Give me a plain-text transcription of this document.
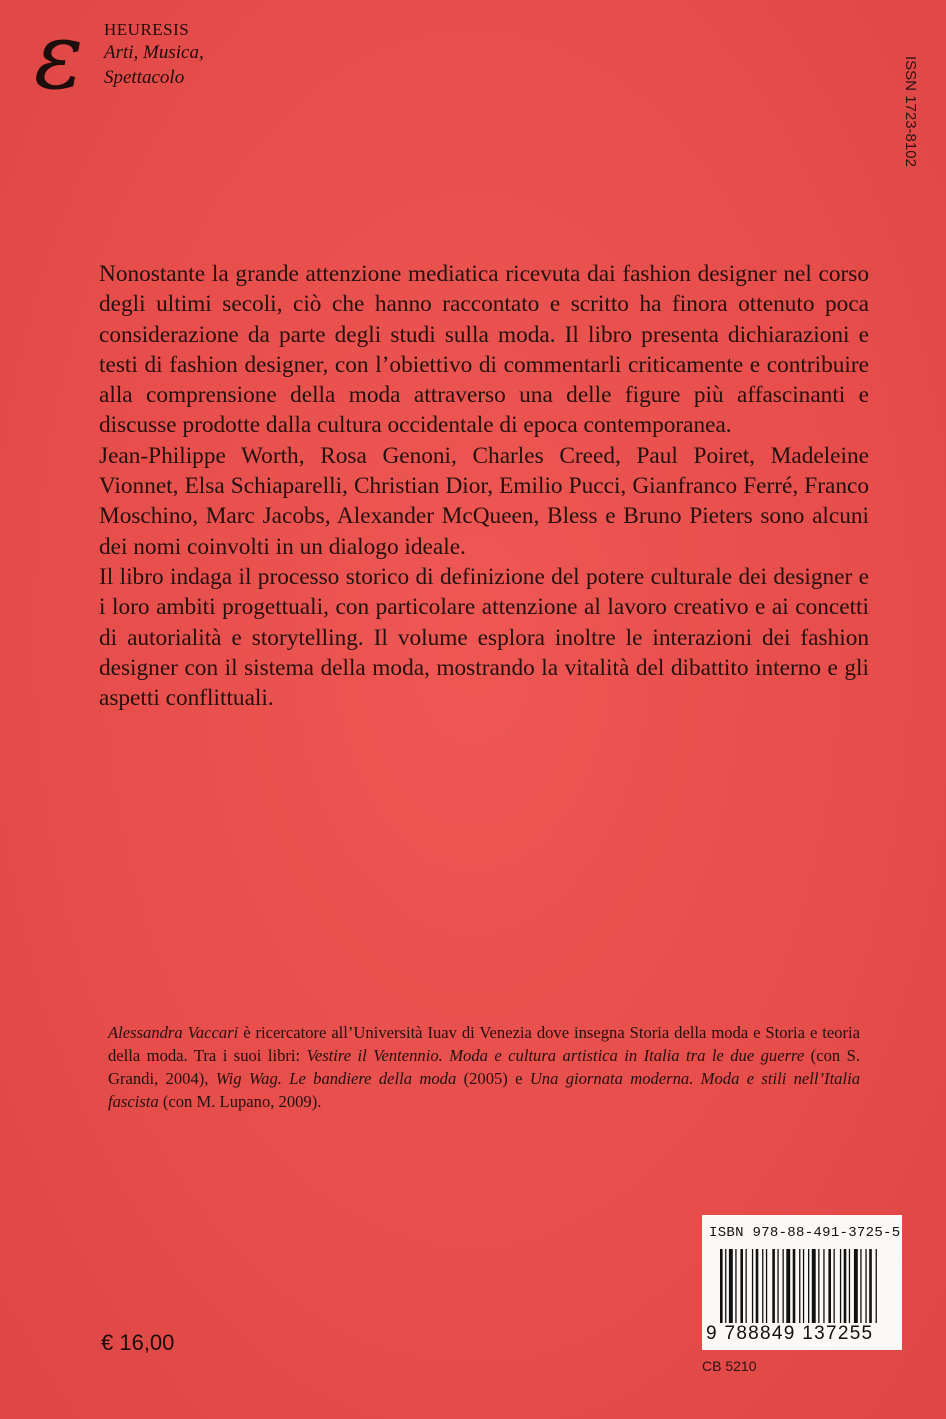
ε	HEURESIS
Arti, Musica,
Spettacolo	ISSN 1723-8102

Nonostante la grande attenzione mediatica ricevuta dai fashion designer nel corso degli ultimi secoli, ciò che hanno raccontato e scritto ha finora ottenuto poca considerazione da parte degli studi sulla moda. Il libro presenta dichiarazioni e testi di fashion designer, con l’obiettivo di commentarli criticamente e contribuire alla comprensione della moda attraverso una delle figure più affascinanti e discusse prodotte dalla cultura occidentale di epoca contemporanea.

Jean-Philippe Worth, Rosa Genoni, Charles Creed, Paul Poiret, Madeleine Vionnet, Elsa Schiaparelli, Christian Dior, Emilio Pucci, Gianfranco Ferré, Franco Moschino, Marc Jacobs, Alexander McQueen, Bless e Bruno Pieters sono alcuni dei nomi coinvolti in un dialogo ideale.

Il libro indaga il processo storico di definizione del potere culturale dei designer e i loro ambiti progettuali, con particolare attenzione al lavoro creativo e ai concetti di autorialità e storytelling. Il volume esplora inoltre le interazioni dei fashion designer con il sistema della moda, mostrando la vitalità del dibattito interno e gli aspetti conflittuali.

Alessandra Vaccari è ricercatore all’Università Iuav di Venezia dove insegna Storia della moda e Storia e teoria della moda. Tra i suoi libri: Vestire il Ventennio. Moda e cultura artistica in Italia tra le due guerre (con S. Grandi, 2004), Wig Wag. Le bandiere della moda (2005) e Una giornata moderna. Moda e stili nell’Italia fascista (con M. Lupano, 2009).
€ 16,00
ISBN 978-88-491-3725-5
9 788849 137255
CB 5210
